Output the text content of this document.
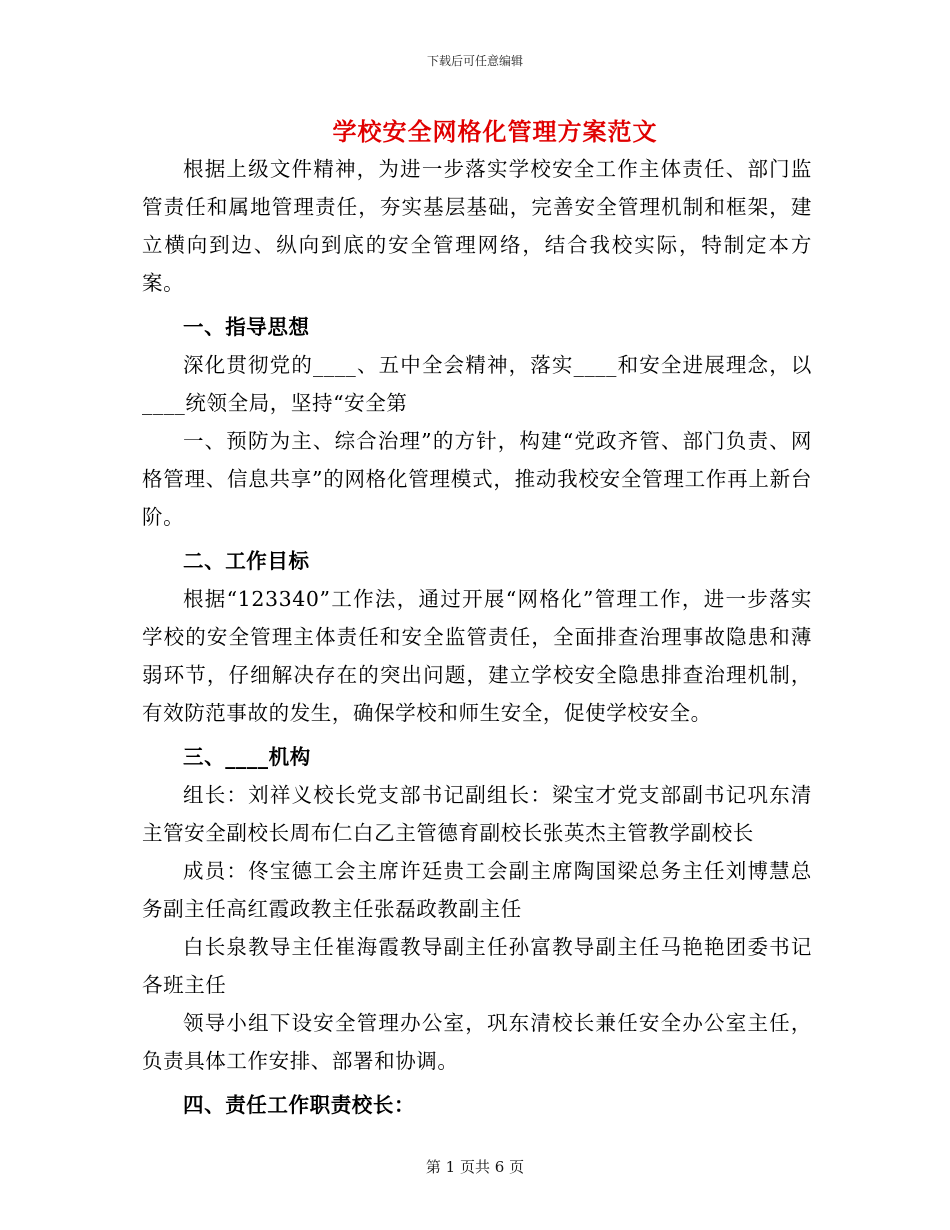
下载后可任意编辑
学校安全网格化管理方案范文

根据上级文件精神，为进一步落实学校安全工作主体责任、部门监管责任和属地管理责任，夯实基层基础，完善安全管理机制和框架，建立横向到边、纵向到底的安全管理网络，结合我校实际，特制定本方案。

一、指导思想

深化贯彻党的____、五中全会精神，落实____和安全进展理念，以____统领全局，坚持“安全第

一、预防为主、综合治理”的方针，构建“党政齐管、部门负责、网格管理、信息共享”的网格化管理模式，推动我校安全管理工作再上新台阶。

二、工作目标

根据“123340”工作法，通过开展“网格化”管理工作，进一步落实学校的安全管理主体责任和安全监管责任，全面排查治理事故隐患和薄弱环节，仔细解决存在的突出问题，建立学校安全隐患排查治理机制，有效防范事故的发生，确保学校和师生安全，促使学校安全。

三、____机构

组长：刘祥义校长党支部书记副组长：梁宝才党支部副书记巩东清主管安全副校长周布仁白乙主管德育副校长张英杰主管教学副校长

成员：佟宝德工会主席许廷贵工会副主席陶国梁总务主任刘博慧总务副主任高红霞政教主任张磊政教副主任

白长泉教导主任崔海霞教导副主任孙富教导副主任马艳艳团委书记各班主任

领导小组下设安全管理办公室，巩东清校长兼任安全办公室主任，负责具体工作安排、部署和协调。

四、责任工作职责校长：

第 1 页共 6 页
